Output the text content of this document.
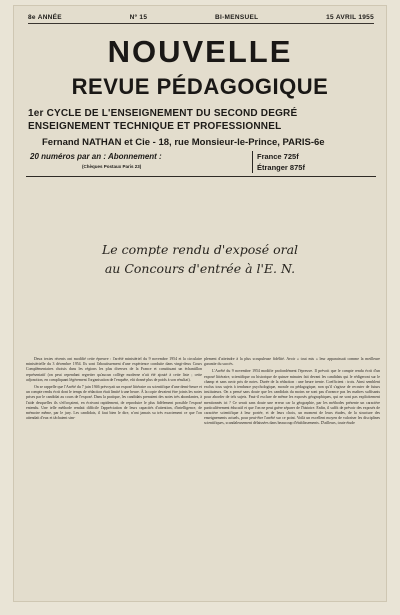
8e ANNÉE	Nº 15	BI-MENSUEL	15 AVRIL 1955
NOUVELLE
REVUE PÉDAGOGIQUE
1er CYCLE DE L'ENSEIGNEMENT DU SECOND DEGRÉ
ENSEIGNEMENT TECHNIQUE ET PROFESSIONNEL
Fernand NATHAN et Cie - 18, rue Monsieur-le-Prince, PARIS-6e
20 numéros par an : Abonnement :
(Chèques Postaux Paris 23)
France 725f
Étranger 875f
Le compte rendu d'exposé oral
au Concours d'entrée à l'E. N.

Deux textes récents ont modifié cette épreuve : l'arrêté ministériel du 9 novembre 1954 et la circulaire ministérielle du 3 décembre 1954. Ils sont l'aboutissement d'une expérience conduite dans vingt-deux Cours Complémentaires choisis dans les régions les plus diverses de la France et constituant un échantillon représentatif (on peut cependant regretter qu'aucun collège moderne n'ait été ajouté à cette liste ; cette adjonction, en compliquant légèrement l'organisation de l'enquête, eût donné plus de poids à son résultat).

On se rappelle que l'Arrêté du 7 juin 1946 prévoyait un exposé littéraire ou scientifique d'une demi-heure et un compte rendu écrit dont le temps de rédaction était limité à une heure. À la copie devaient être joints les notes prises par le candidat au cours de l'exposé. Dans la pratique, les candidats prenaient des notes très abondantes, à l'aide desquelles ils s'efforçaient, en écrivant rapidement, de reproduire le plus fidèlement possible l'exposé entendu. Une telle méthode rendait difficile l'appréciation de leurs capacités d'attention, d'intelligence, de mémoire même, par le jury. Les candidats, il faut bien le dire, n'ont jamais su très exactement ce que l'on attendait d'eux et tâchaient sim-

plement d'atteindre à la plus scrupuleuse fidélité. Avoir « tout mis » leur apparaissait comme la meilleure garantie du succès.

L'Arrêté du 9 novembre 1954 modifie profondément l'épreuve. Il prévoit que le compte rendu écrit d'un exposé littéraire, scientifique ou historique de quinze minutes fait devant les candidats qui le rédigeront sur le champ et sans avoir pris de notes. Durée de la rédaction : une heure trente. Coefficient : trois. Ainsi semblent exclus tous sujets à tendance psychologique, morale ou pédagogique, non qu'il s'agisse de recruter de futurs instituteurs. On a pensé sans doute que les candidats du moins ne sont pas d'avance pas les maîtres suffisants pour aborder de tels sujets. Faut-il exclure de même les exposés géographiques, qui ne sont pas explicitement mentionnés ici ? Ce serait sans doute une erreur car la géographie, par les méthodes présente un caractère particulièrement éducatif et que l'on ne peut guère séparer de l'histoire. Enfin, il suffit de prévoir des exposés de caractère scientifique à leur portée, et de leurs choix, un moment de leurs études, de la structure des enseignements actuels, pour peut-être l'arrêté sur ce point. Voilà un excellent moyen de valoriser les disciplines scientifiques, scandaleusement délaissées dans beaucoup d'établissements. D'ailleurs, toute étude
